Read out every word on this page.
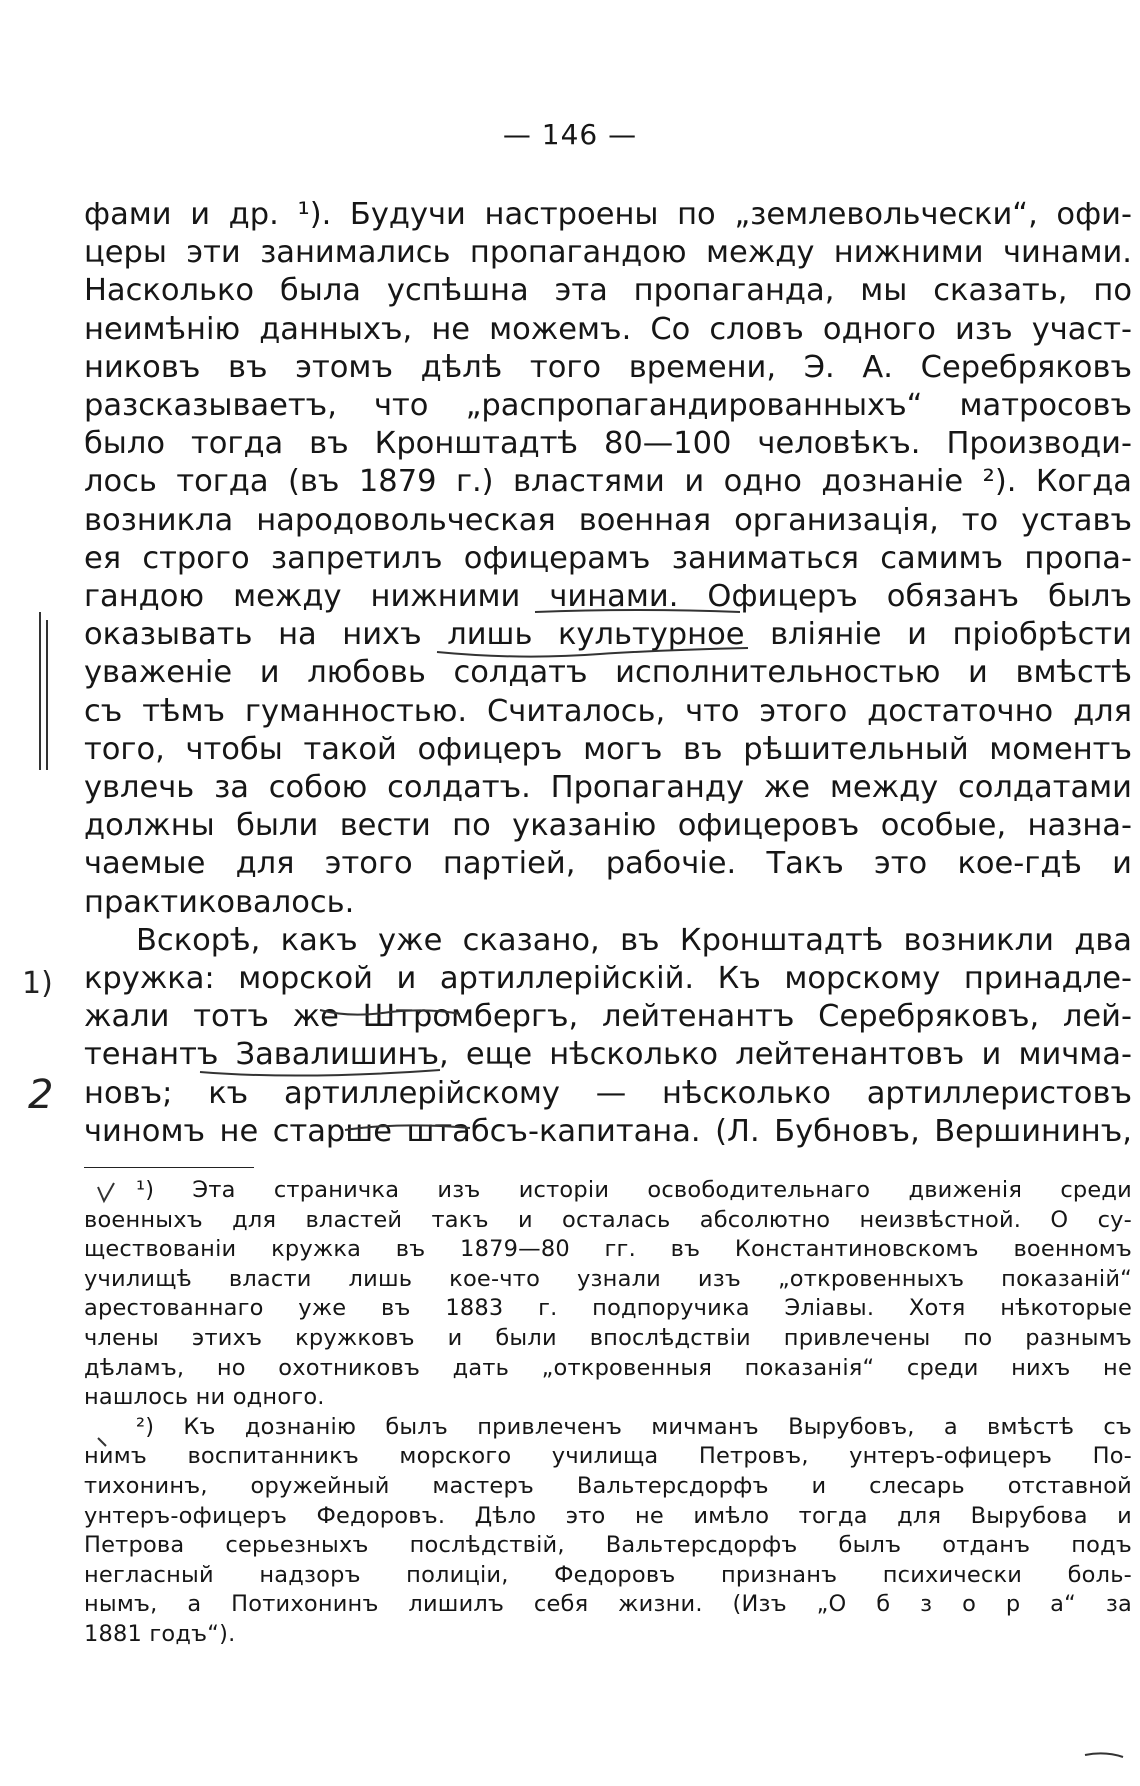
— 146 —
фами и др. ¹). Будучи настроены по „землевольчески“, офи-
церы эти занимались пропагандою между нижними чинами.
Насколько была успѣшна эта пропаганда, мы сказать, по
неимѣнію данныхъ, не можемъ. Со словъ одного изъ участ-
никовъ въ этомъ дѣлѣ того времени, Э. А. Серебряковъ
разсказываетъ, что „распропагандированныхъ“ матросовъ
было тогда въ Кронштадтѣ 80—100 человѣкъ. Производи-
лось тогда (въ 1879 г.) властями и одно дознаніе ²). Когда
возникла народовольческая военная организація, то уставъ
ея строго запретилъ офицерамъ заниматься самимъ пропа-
гандою между нижними чинами. Офицеръ обязанъ былъ
оказывать на нихъ лишь культурное вліяніе и пріобрѣсти
уваженіе и любовь солдатъ исполнительностью и вмѣстѣ
съ тѣмъ гуманностью. Считалось, что этого достаточно для
того, чтобы такой офицеръ могъ въ рѣшительный моментъ
увлечь за собою солдатъ. Пропаганду же между солдатами
должны были вести по указанію офицеровъ особые, назна-
чаемые для этого партіей, рабочіе. Такъ это кое-гдѣ и
практиковалось.
Вскорѣ, какъ уже сказано, въ Кронштадтѣ возникли два
кружка: морской и артиллерійскій. Къ морскому принадле-
жали тотъ же Штромбергъ, лейтенантъ Серебряковъ, лей-
тенантъ Завалишинъ, еще нѣсколько лейтенантовъ и мичма-
новъ; къ артиллерійскому — нѣсколько артиллеристовъ
чиномъ не старше штабсъ-капитана. (Л. Бубновъ, Вершининъ,
¹) Эта страничка изъ исторіи освободительнаго движенія среди
военныхъ для властей такъ и осталась абсолютно неизвѣстной. О су-
ществованіи кружка въ 1879—80 гг. въ Константиновскомъ военномъ
училищѣ власти лишь кое-что узнали изъ „откровенныхъ показаній“
арестованнаго уже въ 1883 г. подпоручика Эліавы. Хотя нѣкоторые
члены этихъ кружковъ и были впослѣдствіи привлечены по разнымъ
дѣламъ, но охотниковъ дать „откровенныя показанія“ среди нихъ не
нашлось ни одного.
²) Къ дознанію былъ привлеченъ мичманъ Вырубовъ, а вмѣстѣ съ
нимъ воспитанникъ морского училища Петровъ, унтеръ-офицеръ По-
тихонинъ, оружейный мастеръ Вальтерсдорфъ и слесарь отставной
унтеръ-офицеръ Федоровъ. Дѣло это не имѣло тогда для Вырубова и
Петрова серьезныхъ послѣдствій, Вальтерсдорфъ былъ отданъ подъ
негласный надзоръ полиціи, Федоровъ признанъ психически боль-
нымъ, а Потихонинъ лишилъ себя жизни. (Изъ „О б з о р а“ за
1881 годъ“).
1)
2
